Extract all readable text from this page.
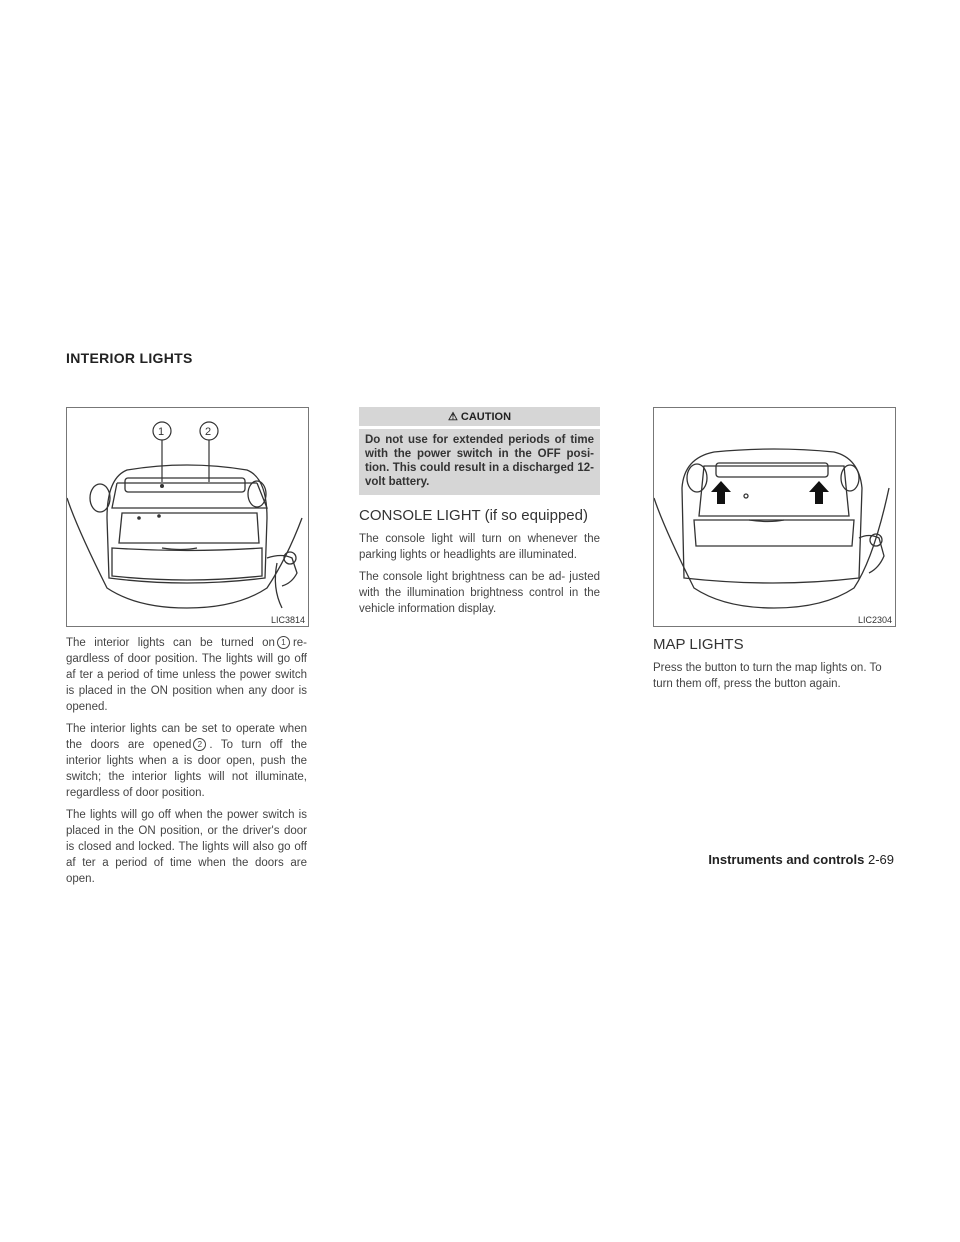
INTERIOR LIGHTS
1	2
LIC3814	LIC2304

The interior lights can be turned on 1 re- gardless of door position. The lights will go off af ter a period of time unless the power switch is placed in the ON position when any door is opened.

The interior lights can be set to operate when the doors are opened 2 . To turn off the interior lights when a is door open, push the switch; the interior lights will not illuminate, regardless of door position.

The lights will go off when the power switch is placed in the ON position, or the driver's door is closed and locked. The lights will also go off af ter a period of time when the doors are open.

⚠ CAUTION
Do not use for extended periods of time with the power switch in the OFF posi- tion. This could result in a discharged 12-volt battery.
CONSOLE LIGHT (if so equipped)

The console light will turn on whenever the parking lights or headlights are illuminated.

The console light brightness can be ad- justed with the illumination brightness control in the vehicle information display.

MAP LIGHTS

Press the button to turn the map lights on. To turn them off, press the button again.

Instruments and controls 2-69
